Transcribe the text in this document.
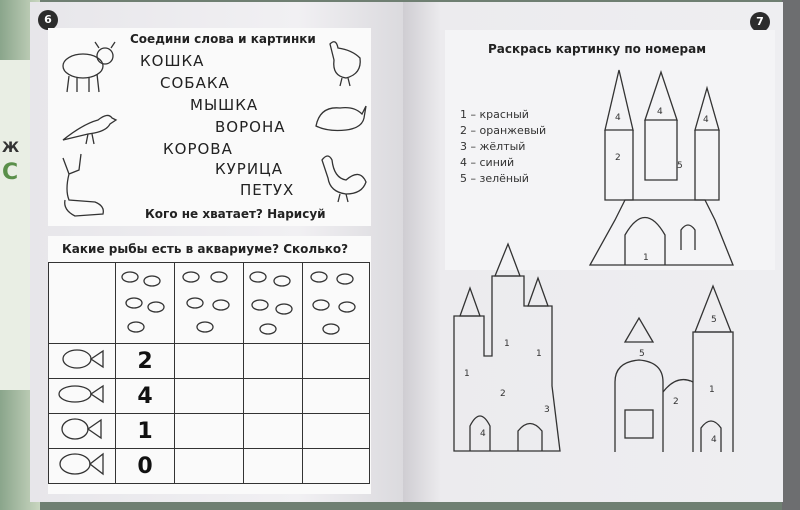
Ж
С
6
Соедини слова и картинки
КОШКА
СОБАКА
МЫШКА
ВОРОНА
КОРОВА
КУРИЦА
ПЕТУХ
Кого не хватает? Нарисуй
Какие рыбы есть в аквариуме? Сколько?

	2			
	4			
	1			
	0			
7
Раскрась картинку по номерам
1 – красный
2 – оранжевый
3 – жёлтый
4 – синий
5 – зелёный
4
4
4
2
5
1
1
1
1
4
3
2
5
5
4
1
2
